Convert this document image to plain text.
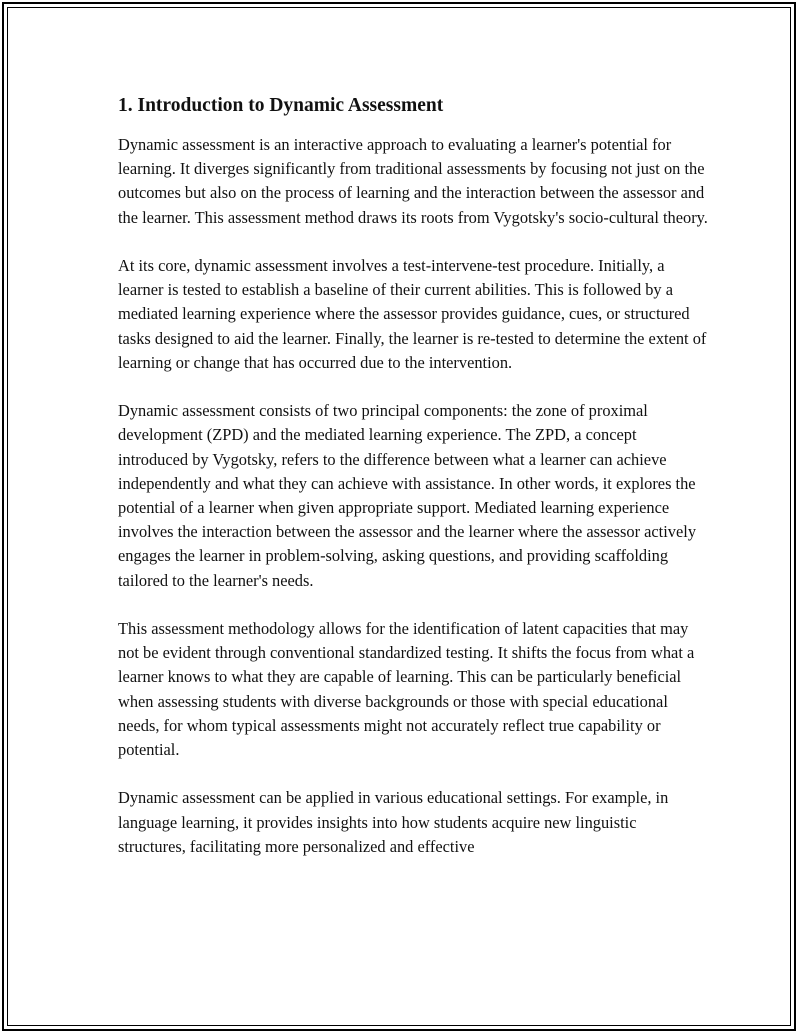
1. Introduction to Dynamic Assessment

Dynamic assessment is an interactive approach to evaluating a learner's potential for learning. It diverges significantly from traditional assessments by focusing not just on the outcomes but also on the process of learning and the interaction between the assessor and the learner. This assessment method draws its roots from Vygotsky's socio-cultural theory.

At its core, dynamic assessment involves a test-intervene-test procedure. Initially, a learner is tested to establish a baseline of their current abilities. This is followed by a mediated learning experience where the assessor provides guidance, cues, or structured tasks designed to aid the learner. Finally, the learner is re-tested to determine the extent of learning or change that has occurred due to the intervention.

Dynamic assessment consists of two principal components: the zone of proximal development (ZPD) and the mediated learning experience. The ZPD, a concept introduced by Vygotsky, refers to the difference between what a learner can achieve independently and what they can achieve with assistance. In other words, it explores the potential of a learner when given appropriate support. Mediated learning experience involves the interaction between the assessor and the learner where the assessor actively engages the learner in problem-solving, asking questions, and providing scaffolding tailored to the learner's needs.

This assessment methodology allows for the identification of latent capacities that may not be evident through conventional standardized testing. It shifts the focus from what a learner knows to what they are capable of learning. This can be particularly beneficial when assessing students with diverse backgrounds or those with special educational needs, for whom typical assessments might not accurately reflect true capability or potential.

Dynamic assessment can be applied in various educational settings. For example, in language learning, it provides insights into how students acquire new linguistic structures, facilitating more personalized and effective
